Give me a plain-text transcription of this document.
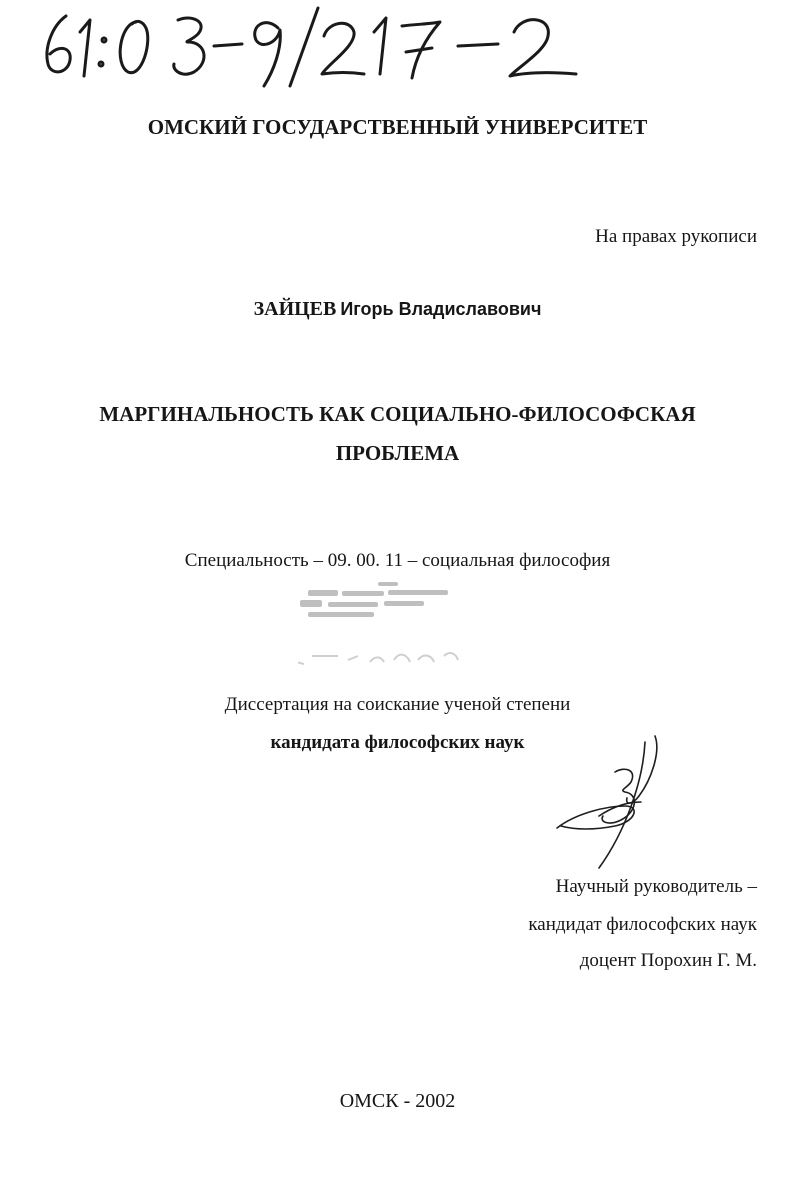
ОМСКИЙ ГОСУДАРСТВЕННЫЙ УНИВЕРСИТЕТ
На правах рукописи
ЗАЙЦЕВ Игорь Владиславович
МАРГИНАЛЬНОСТЬ КАК СОЦИАЛЬНО-ФИЛОСОФСКАЯ
ПРОБЛЕМА
Специальность – 09. 00. 11 – социальная философия
Диссертация на соискание ученой степени
кандидата философских наук
Научный руководитель –
кандидат философских наук
доцент Порохин Г. М.
ОМСК - 2002
